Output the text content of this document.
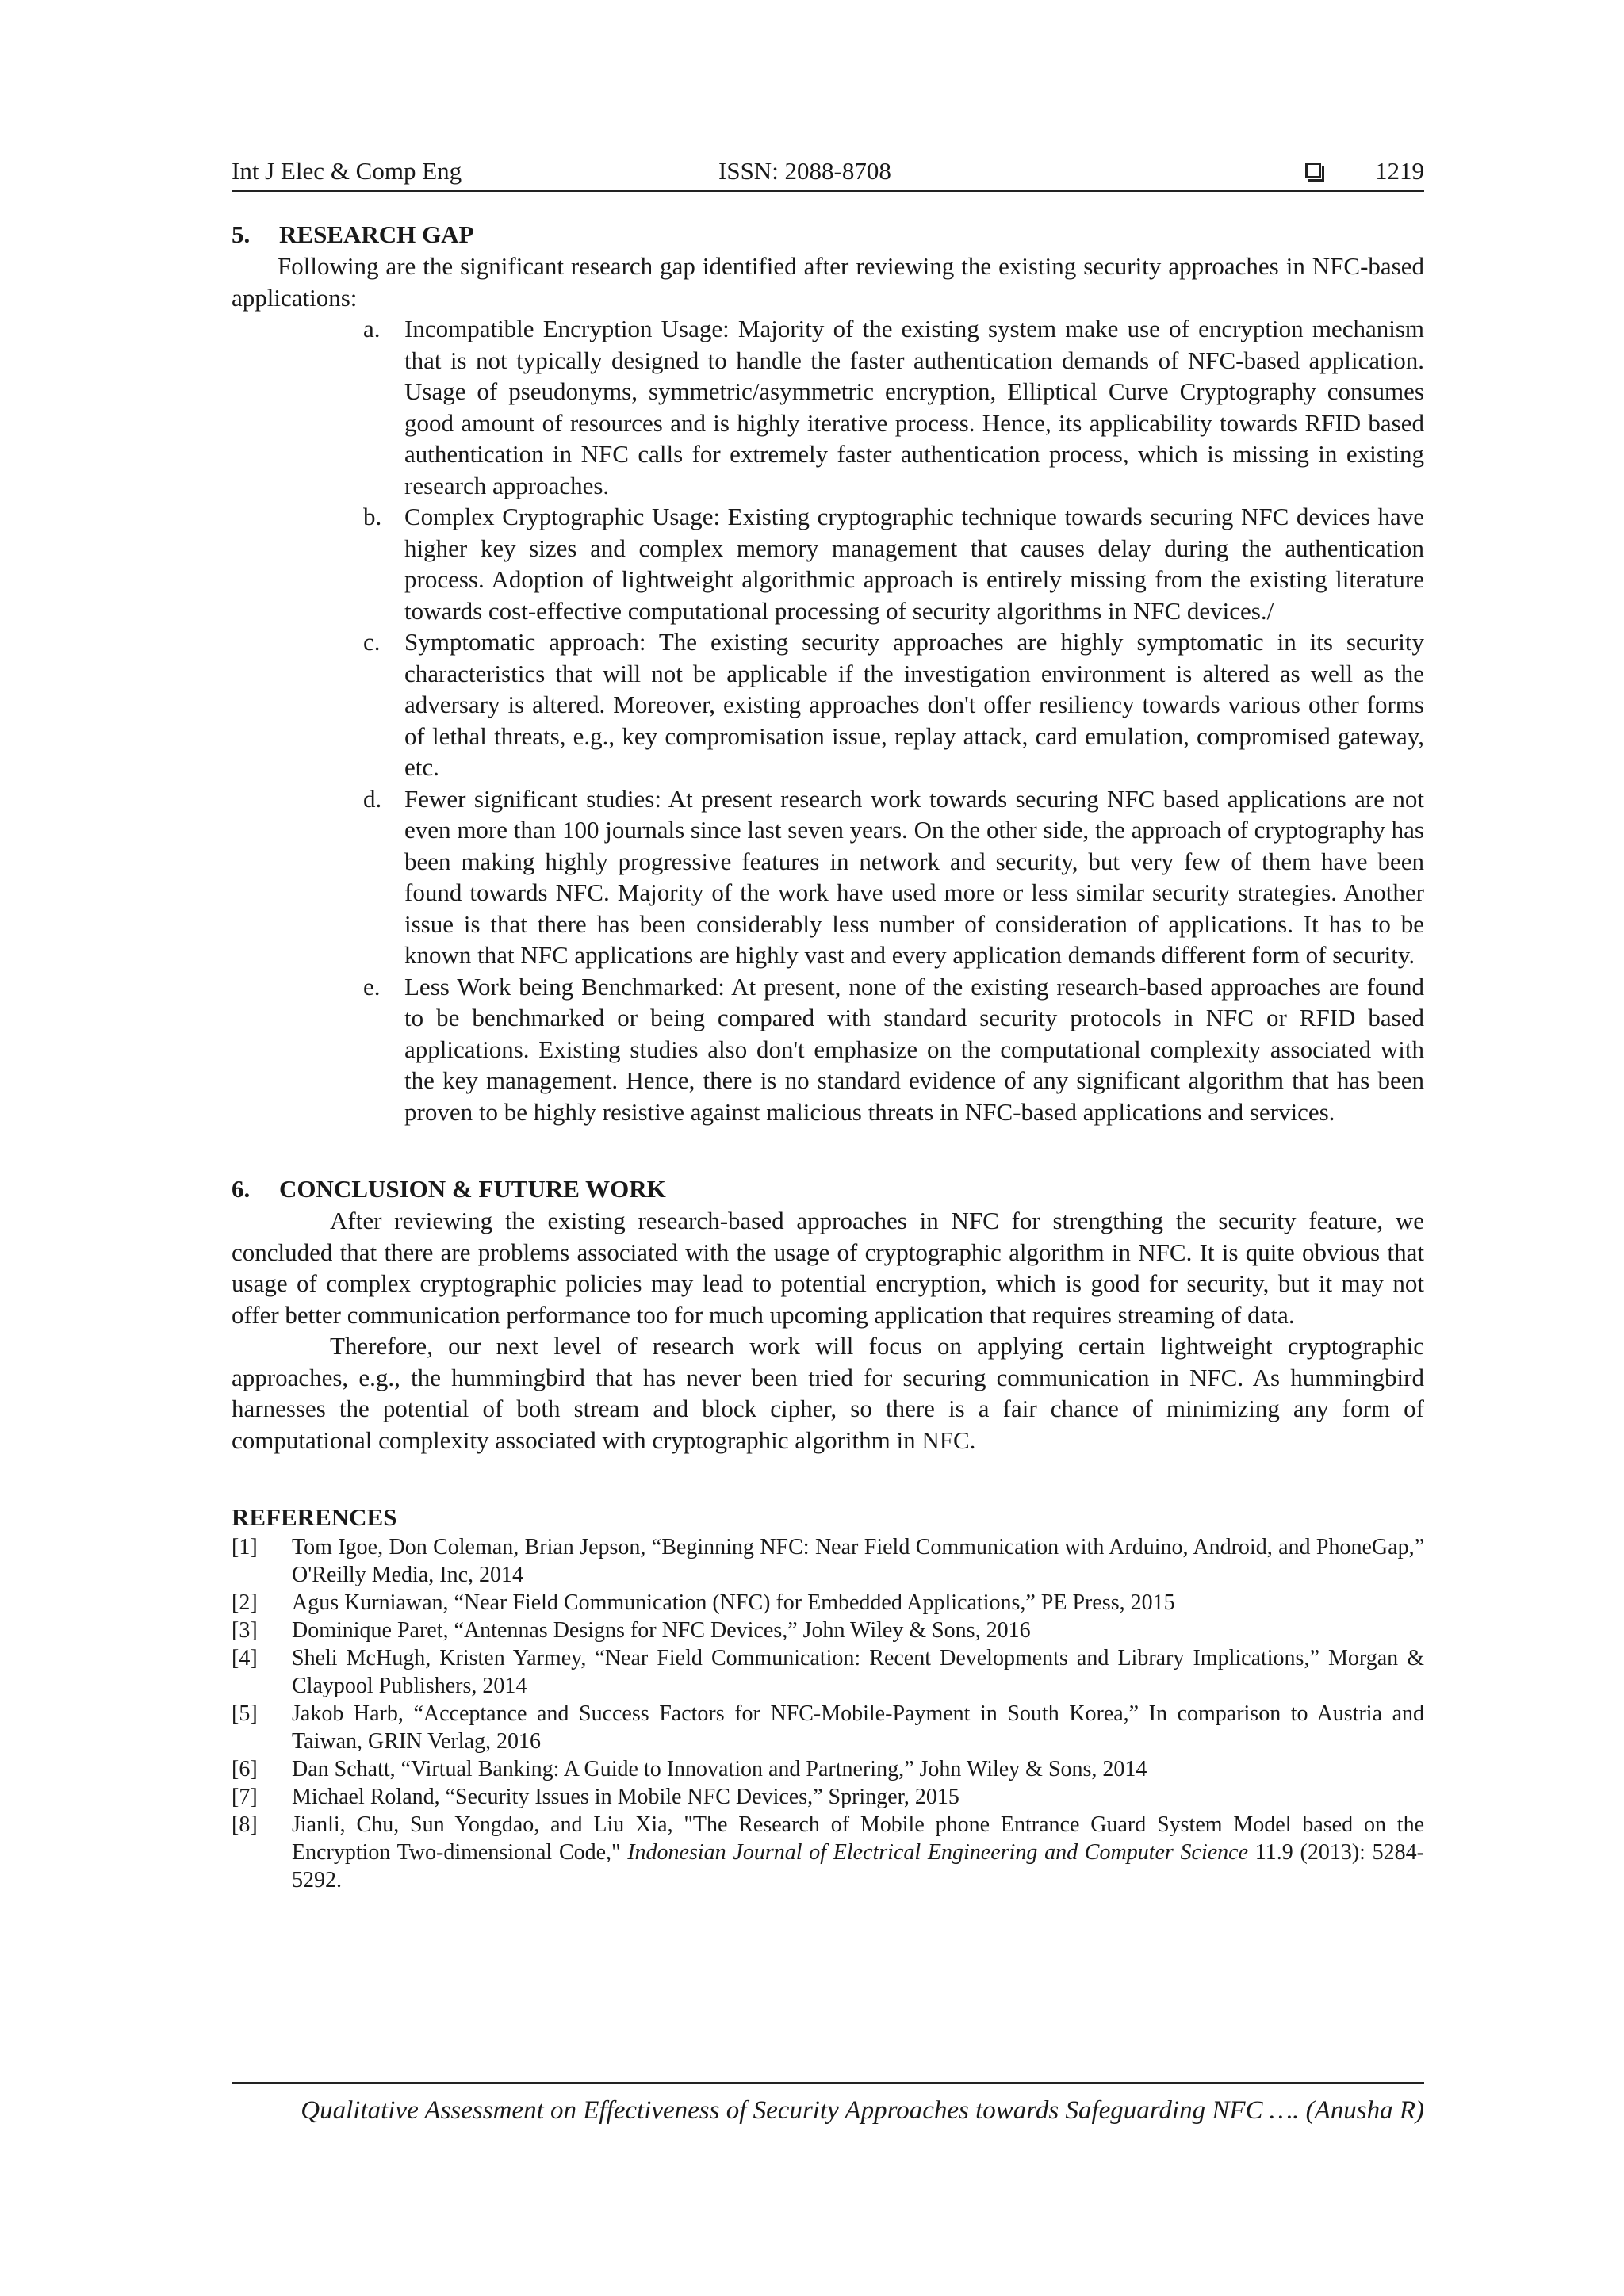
Int J Elec & Comp Eng	ISSN: 2088-8708	1219
5. RESEARCH GAP

Following are the significant research gap identified after reviewing the existing security approaches in NFC-based applications:

a. Incompatible Encryption Usage: Majority of the existing system make use of encryption mechanism that is not typically designed to handle the faster authentication demands of NFC-based application. Usage of pseudonyms, symmetric/asymmetric encryption, Elliptical Curve Cryptography consumes good amount of resources and is highly iterative process. Hence, its applicability towards RFID based authentication in NFC calls for extremely faster authentication process, which is missing in existing research approaches.
b. Complex Cryptographic Usage: Existing cryptographic technique towards securing NFC devices have higher key sizes and complex memory management that causes delay during the authentication process. Adoption of lightweight algorithmic approach is entirely missing from the existing literature towards cost-effective computational processing of security algorithms in NFC devices./
c. Symptomatic approach: The existing security approaches are highly symptomatic in its security characteristics that will not be applicable if the investigation environment is altered as well as the adversary is altered. Moreover, existing approaches don't offer resiliency towards various other forms of lethal threats, e.g., key compromisation issue, replay attack, card emulation, compromised gateway, etc.
d. Fewer significant studies: At present research work towards securing NFC based applications are not even more than 100 journals since last seven years. On the other side, the approach of cryptography has been making highly progressive features in network and security, but very few of them have been found towards NFC. Majority of the work have used more or less similar security strategies. Another issue is that there has been considerably less number of consideration of applications. It has to be known that NFC applications are highly vast and every application demands different form of security.
e. Less Work being Benchmarked: At present, none of the existing research-based approaches are found to be benchmarked or being compared with standard security protocols in NFC or RFID based applications. Existing studies also don't emphasize on the computational complexity associated with the key management. Hence, there is no standard evidence of any significant algorithm that has been proven to be highly resistive against malicious threats in NFC-based applications and services.
6. CONCLUSION & FUTURE WORK

After reviewing the existing research-based approaches in NFC for strengthing the security feature, we concluded that there are problems associated with the usage of cryptographic algorithm in NFC. It is quite obvious that usage of complex cryptographic policies may lead to potential encryption, which is good for security, but it may not offer better communication performance too for much upcoming application that requires streaming of data.

Therefore, our next level of research work will focus on applying certain lightweight cryptographic approaches, e.g., the hummingbird that has never been tried for securing communication in NFC. As hummingbird harnesses the potential of both stream and block cipher, so there is a fair chance of minimizing any form of computational complexity associated with cryptographic algorithm in NFC.

REFERENCES
[1] Tom Igoe, Don Coleman, Brian Jepson, “Beginning NFC: Near Field Communication with Arduino, Android, and PhoneGap,” O'Reilly Media, Inc, 2014
[2] Agus Kurniawan, “Near Field Communication (NFC) for Embedded Applications,” PE Press, 2015
[3] Dominique Paret, “Antennas Designs for NFC Devices,” John Wiley & Sons, 2016
[4] Sheli McHugh, Kristen Yarmey, “Near Field Communication: Recent Developments and Library Implications,” Morgan & Claypool Publishers, 2014
[5] Jakob Harb, “Acceptance and Success Factors for NFC-Mobile-Payment in South Korea,” In comparison to Austria and Taiwan, GRIN Verlag, 2016
[6] Dan Schatt, “Virtual Banking: A Guide to Innovation and Partnering,” John Wiley & Sons, 2014
[7] Michael Roland, “Security Issues in Mobile NFC Devices,” Springer, 2015
[8] Jianli, Chu, Sun Yongdao, and Liu Xia, "The Research of Mobile phone Entrance Guard System Model based on the Encryption Two-dimensional Code," Indonesian Journal of Electrical Engineering and Computer Science 11.9 (2013): 5284-5292.
Qualitative Assessment on Effectiveness of Security Approaches towards Safeguarding NFC …. (Anusha R)
